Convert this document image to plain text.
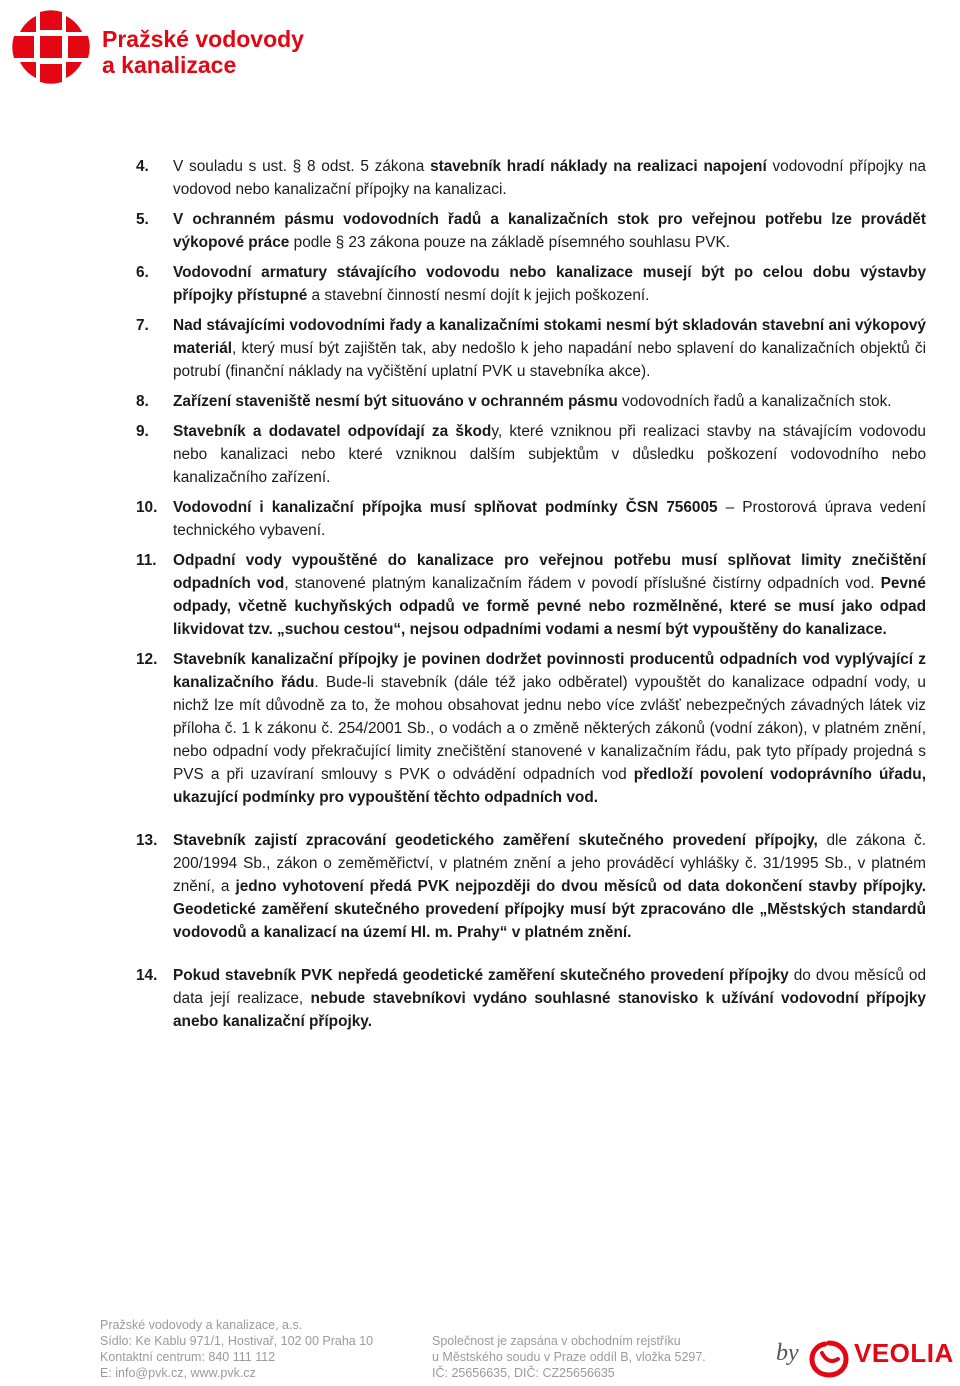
Pražské vodovody
a kanalizace
4. V souladu s ust. § 8 odst. 5 zákona stavebník hradí náklady na realizaci napojení vodovodní přípojky na vodovod nebo kanalizační přípojky na kanalizaci.
5. V ochranném pásmu vodovodních řadů a kanalizačních stok pro veřejnou potřebu lze provádět výkopové práce podle § 23 zákona pouze na základě písemného souhlasu PVK.
6. Vodovodní armatury stávajícího vodovodu nebo kanalizace musejí být po celou dobu výstavby přípojky přístupné a stavební činností nesmí dojít k jejich poškození.
7. Nad stávajícími vodovodními řady a kanalizačními stokami nesmí být skladován stavební ani výkopový materiál, který musí být zajištěn tak, aby nedošlo k jeho napadání nebo splavení do kanalizačních objektů či potrubí (finanční náklady na vyčištění uplatní PVK u stavebníka akce).
8. Zařízení staveniště nesmí být situováno v ochranném pásmu vodovodních řadů a kanalizačních stok.
9. Stavebník a dodavatel odpovídají za škody, které vzniknou při realizaci stavby na stávajícím vodovodu nebo kanalizaci nebo které vzniknou dalším subjektům v důsledku poškození vodovodního nebo kanalizačního zařízení.
10. Vodovodní i kanalizační přípojka musí splňovat podmínky ČSN 756005 – Prostorová úprava vedení technického vybavení.
11. Odpadní vody vypouštěné do kanalizace pro veřejnou potřebu musí splňovat limity znečištění odpadních vod, stanovené platným kanalizačním řádem v povodí příslušné čistírny odpadních vod. Pevné odpady, včetně kuchyňských odpadů ve formě pevné nebo rozmělněné, které se musí jako odpad likvidovat tzv. „suchou cestou“, nejsou odpadními vodami a nesmí být vypouštěny do kanalizace.
12. Stavebník kanalizační přípojky je povinen dodržet povinnosti producentů odpadních vod vyplývající z kanalizačního řádu. Bude-li stavebník (dále též jako odběratel) vypouštět do kanalizace odpadní vody, u nichž lze mít důvodně za to, že mohou obsahovat jednu nebo více zvlášť nebezpečných závadných látek viz příloha č. 1 k zákonu č. 254/2001 Sb., o vodách a o změně některých zákonů (vodní zákon), v platném znění, nebo odpadní vody překračující limity znečištění stanovené v kanalizačním řádu, pak tyto případy projedná s PVS a při uzavíraní smlouvy s PVK o odvádění odpadních vod předloží povolení vodoprávního úřadu, ukazující podmínky pro vypouštění těchto odpadních vod.
13. Stavebník zajistí zpracování geodetického zaměření skutečného provedení přípojky, dle zákona č. 200/1994 Sb., zákon o zeměměřictví, v platném znění a jeho prováděcí vyhlášky č. 31/1995 Sb., v platném znění, a jedno vyhotovení předá PVK nejpozději do dvou měsíců od data dokončení stavby přípojky. Geodetické zaměření skutečného provedení přípojky musí být zpracováno dle „Městských standardů vodovodů a kanalizací na území Hl. m. Prahy“ v platném znění.
14. Pokud stavebník PVK nepředá geodetické zaměření skutečného provedení přípojky do dvou měsíců od data její realizace, nebude stavebníkovi vydáno souhlasné stanovisko k užívání vodovodní přípojky anebo kanalizační přípojky.
Pražské vodovody a kanalizace, a.s.
Sídlo: Ke Kablu 971/1, Hostivař, 102 00 Praha 10
Kontaktní centrum: 840 111 112
E: info@pvk.cz, www.pvk.cz
Společnost je zapsána v obchodním rejstříku
u Městského soudu v Praze oddíl B, vložka 5297.
IČ: 25656635, DIČ: CZ25656635
by VEOLIA
